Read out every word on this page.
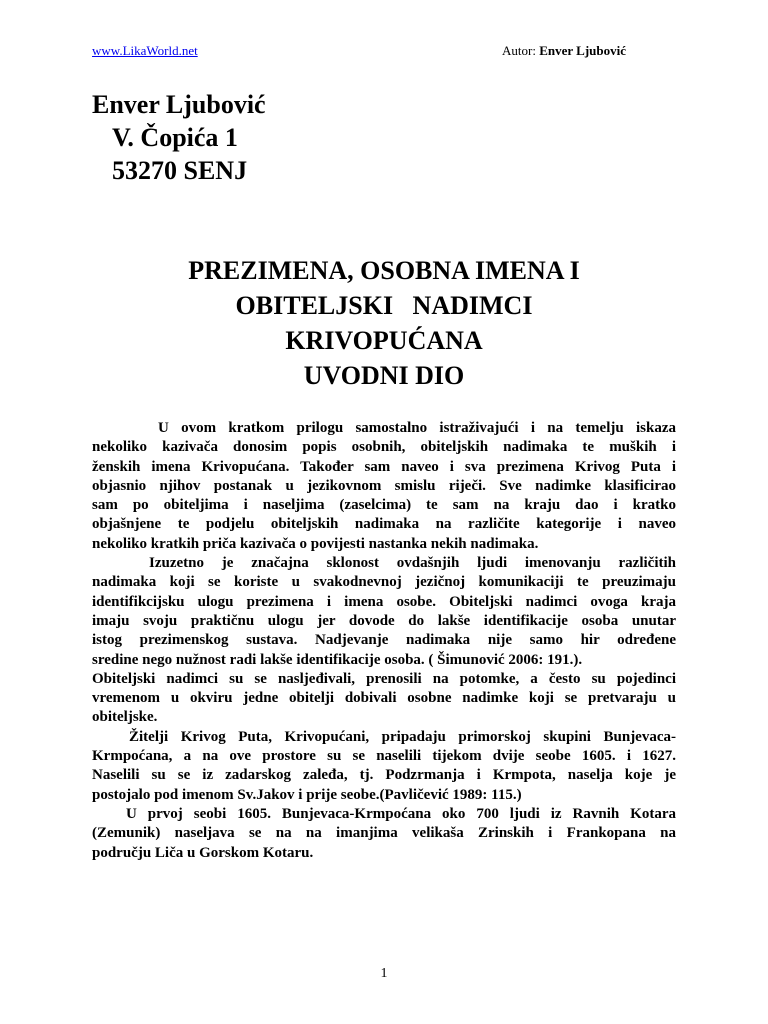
www.LikaWorld.net	Autor: Enver Ljubović
Enver Ljubović
V. Čopića 1
53270 SENJ
PREZIMENA, OSOBNA IMENA I
OBITELJSKI   NADIMCI
KRIVOPUĆANA
UVODNI DIO
U ovom kratkom prilogu samostalno istraživajući i na temelju iskaza
nekoliko kazivača donosim popis osobnih, obiteljskih nadimaka te muških i
ženskih imena Krivopućana. Također sam naveo i sva prezimena Krivog Puta i
objasnio njihov postanak u jezikovnom smislu riječi. Sve nadimke klasificirao
sam po obiteljima i naseljima (zaselcima) te sam na kraju dao i kratko
objašnjene te podjelu obiteljskih nadimaka na različite kategorije i naveo
nekoliko kratkih priča kazivača o povijesti nastanka nekih nadimaka.
Izuzetno je značajna sklonost ovdašnjih ljudi imenovanju različitih
nadimaka koji se koriste u svakodnevnoj jezičnoj komunikaciji te preuzimaju
identifikcijsku ulogu prezimena i imena osobe. Obiteljski nadimci ovoga kraja
imaju svoju praktičnu ulogu jer dovode do lakše identifikacije osoba unutar
istog prezimenskog sustava. Nadjevanje nadimaka nije samo hir određene
sredine nego nužnost radi lakše identifikacije osoba. ( Šimunović 2006: 191.).
Obiteljski nadimci su se nasljeđivali, prenosili na potomke, a često su pojedinci
vremenom u okviru jedne obitelji dobivali osobne nadimke koji se pretvaraju u
obiteljske.
Žitelji Krivog Puta, Krivopućani, pripadaju primorskoj skupini Bunjevaca-
Krmpoćana, a na ove prostore su se naselili tijekom dvije seobe 1605. i 1627.
Naselili su se iz zadarskog zaleđa, tj. Podzrmanja i Krmpota, naselja koje je
postojalo pod imenom Sv.Jakov i prije seobe.(Pavličević 1989: 115.)
U prvoj seobi 1605. Bunjevaca-Krmpoćana oko 700 ljudi iz Ravnih Kotara
(Zemunik) naseljava se na na imanjima velikaša Zrinskih i Frankopana na
području Liča u Gorskom Kotaru.
1
